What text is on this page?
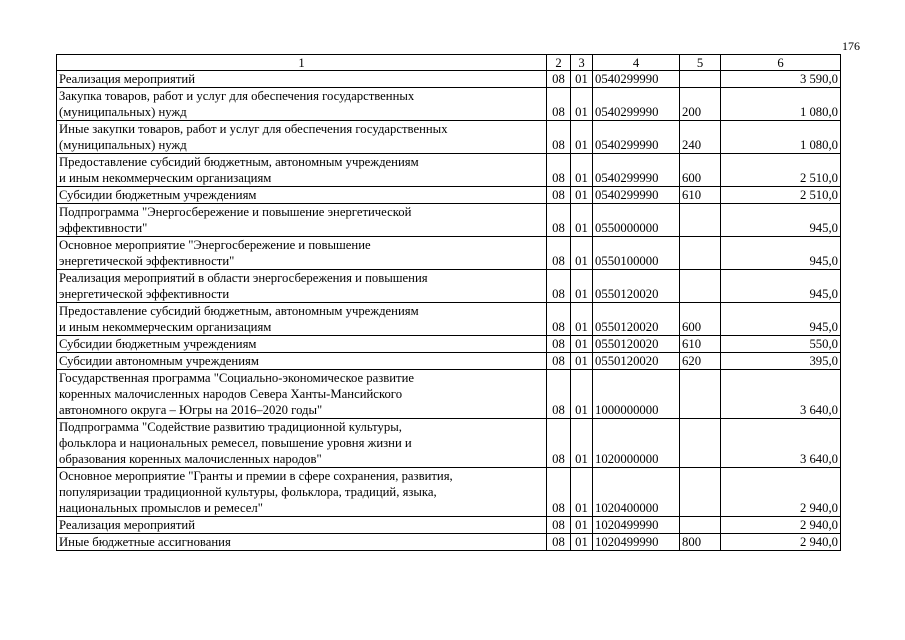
176
1	2	3	4	5	6
Реализация мероприятий	08	01	0540299990		3 590,0
Закупка товаров, работ и услуг для обеспечения государственных
(муниципальных) нужд	08	01	0540299990	200	1 080,0
Иные закупки товаров, работ и услуг для обеспечения государственных
(муниципальных) нужд	08	01	0540299990	240	1 080,0
Предоставление субсидий бюджетным, автономным учреждениям
и иным некоммерческим организациям	08	01	0540299990	600	2 510,0
Субсидии бюджетным учреждениям	08	01	0540299990	610	2 510,0
Подпрограмма "Энергосбережение и повышение энергетической
эффективности"	08	01	0550000000		945,0
Основное мероприятие "Энергосбережение и повышение
энергетической эффективности"	08	01	0550100000		945,0
Реализация мероприятий в области энергосбережения и повышения
энергетической эффективности	08	01	0550120020		945,0
Предоставление субсидий бюджетным, автономным учреждениям
и иным некоммерческим организациям	08	01	0550120020	600	945,0
Субсидии бюджетным учреждениям	08	01	0550120020	610	550,0
Субсидии автономным учреждениям	08	01	0550120020	620	395,0
Государственная программа "Социально-экономическое развитие
коренных малочисленных народов Севера Ханты-Мансийского
автономного округа – Югры на 2016–2020 годы"	08	01	1000000000		3 640,0
Подпрограмма "Содействие развитию традиционной культуры,
фольклора и национальных ремесел, повышение уровня жизни и
образования коренных малочисленных народов"	08	01	1020000000		3 640,0
Основное мероприятие "Гранты и премии в сфере сохранения, развития,
популяризации традиционной культуры, фольклора, традиций, языка,
национальных промыслов и ремесел"	08	01	1020400000		2 940,0
Реализация мероприятий	08	01	1020499990		2 940,0
Иные бюджетные ассигнования	08	01	1020499990	800	2 940,0
